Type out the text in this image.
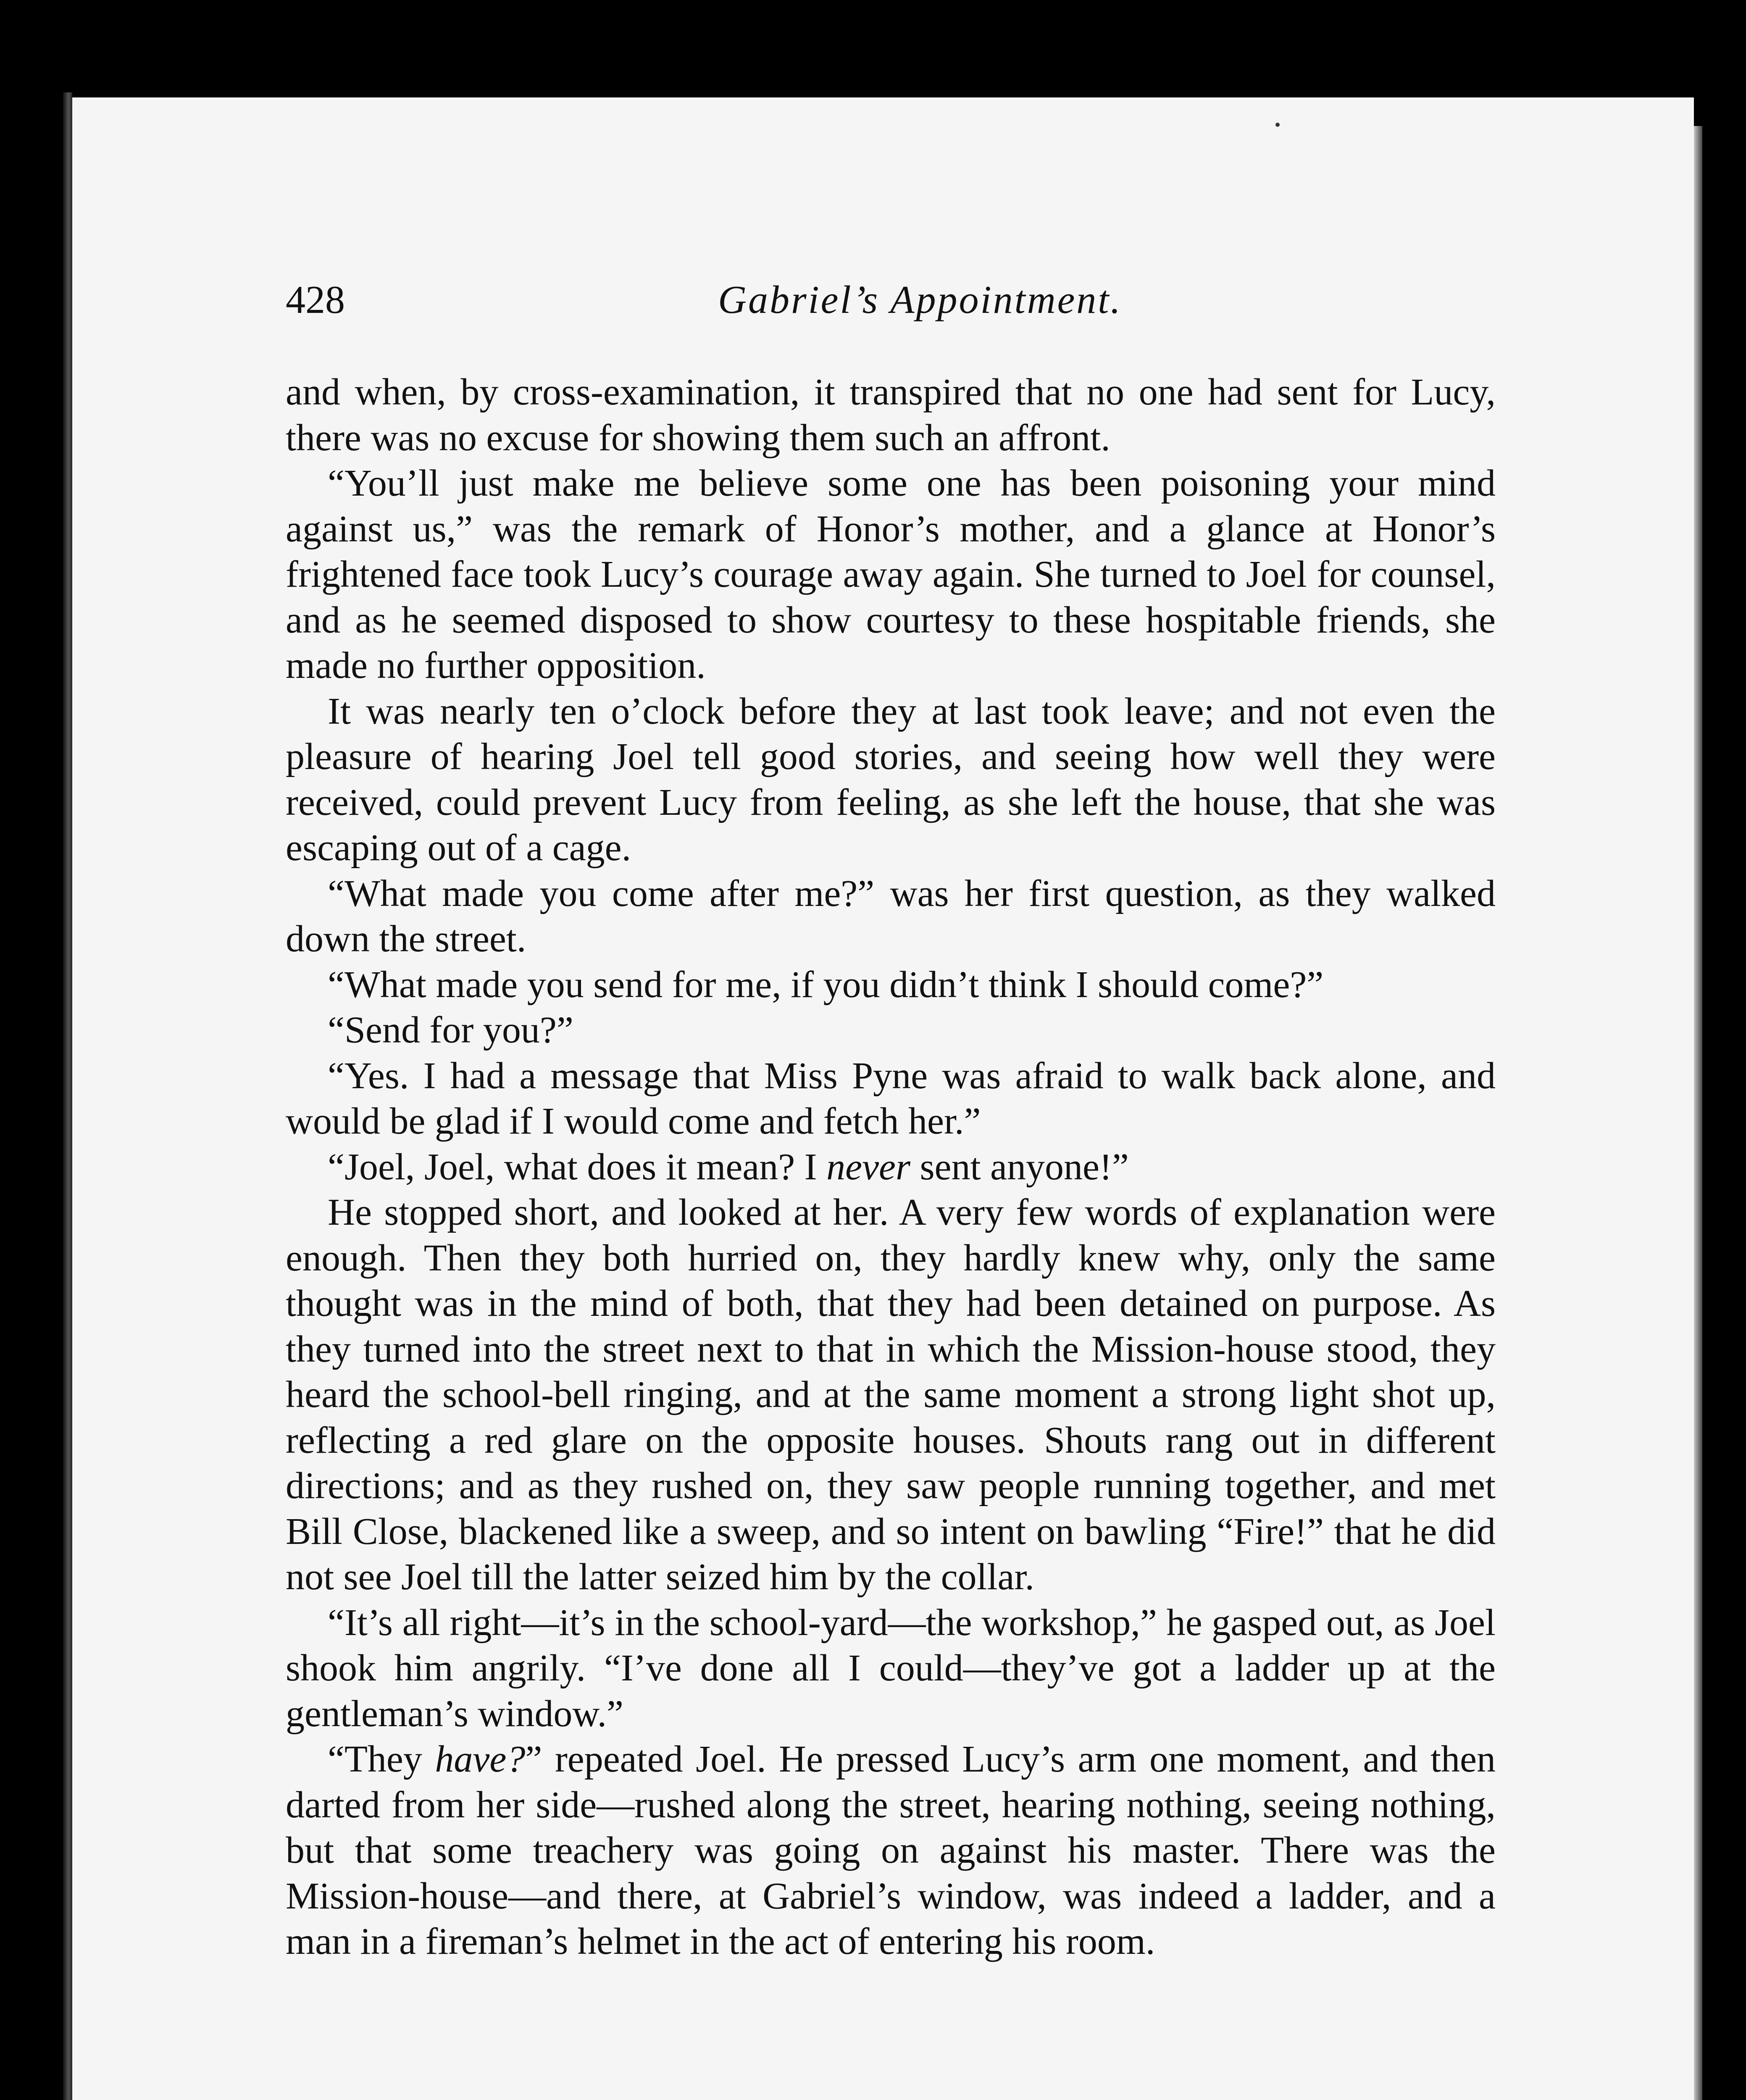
428	Gabriel’s Appointment.

and when, by cross-examination, it transpired that no one had sent for Lucy, there was no excuse for showing them such an affront.

“You’ll just make me believe some one has been poisoning your mind against us,” was the remark of Honor’s mother, and a glance at Honor’s frightened face took Lucy’s courage away again. She turned to Joel for counsel, and as he seemed disposed to show courtesy to these hospitable friends, she made no further opposition.

It was nearly ten o’clock before they at last took leave; and not even the pleasure of hearing Joel tell good stories, and seeing how well they were received, could prevent Lucy from feeling, as she left the house, that she was escaping out of a cage.

“What made you come after me?” was her first question, as they walked down the street.

“What made you send for me, if you didn’t think I should come?”

“Send for you?”

“Yes. I had a message that Miss Pyne was afraid to walk back alone, and would be glad if I would come and fetch her.”

“Joel, Joel, what does it mean? I never sent anyone!”

He stopped short, and looked at her. A very few words of explanation were enough. Then they both hurried on, they hardly knew why, only the same thought was in the mind of both, that they had been detained on purpose. As they turned into the street next to that in which the Mission-house stood, they heard the school-bell ringing, and at the same moment a strong light shot up, reflecting a red glare on the opposite houses. Shouts rang out in different directions; and as they rushed on, they saw people running together, and met Bill Close, blackened like a sweep, and so intent on bawling “Fire!” that he did not see Joel till the latter seized him by the collar.

“It’s all right—it’s in the school-yard—the workshop,” he gasped out, as Joel shook him angrily. “I’ve done all I could—they’ve got a ladder up at the gentleman’s window.”

“They have?” repeated Joel. He pressed Lucy’s arm one moment, and then darted from her side—rushed along the street, hearing nothing, seeing nothing, but that some treachery was going on against his master. There was the Mission-house—and there, at Gabriel’s window, was indeed a ladder, and a man in a fireman’s helmet in the act of entering his room.
